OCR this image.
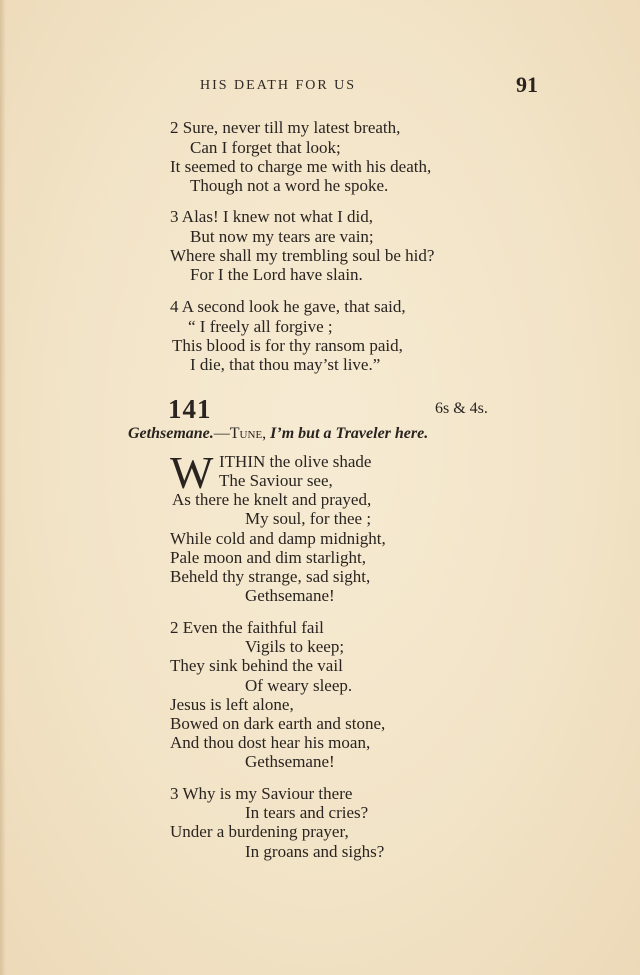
HIS DEATH FOR US	91
2 Sure, never till my latest breath,
Can I forget that look;
It seemed to charge me with his death,
Though not a word he spoke.
3 Alas! I knew not what I did,
But now my tears are vain;
Where shall my trembling soul be hid?
For I the Lord have slain.
4 A second look he gave, that said,
“ I freely all forgive ;
This blood is for thy ransom paid,
I die, that thou may’st live.”
141	6s & 4s.
Gethsemane.—Tune, I’m but a Traveler here.
W ITHIN the olive shade
The Saviour see,
As there he knelt and prayed,
My soul, for thee ;
While cold and damp midnight,
Pale moon and dim starlight,
Beheld thy strange, sad sight,
Gethsemane!
2 Even the faithful fail
Vigils to keep;
They sink behind the vail
Of weary sleep.
Jesus is left alone,
Bowed on dark earth and stone,
And thou dost hear his moan,
Gethsemane!
3 Why is my Saviour there
In tears and cries?
Under a burdening prayer,
In groans and sighs?
